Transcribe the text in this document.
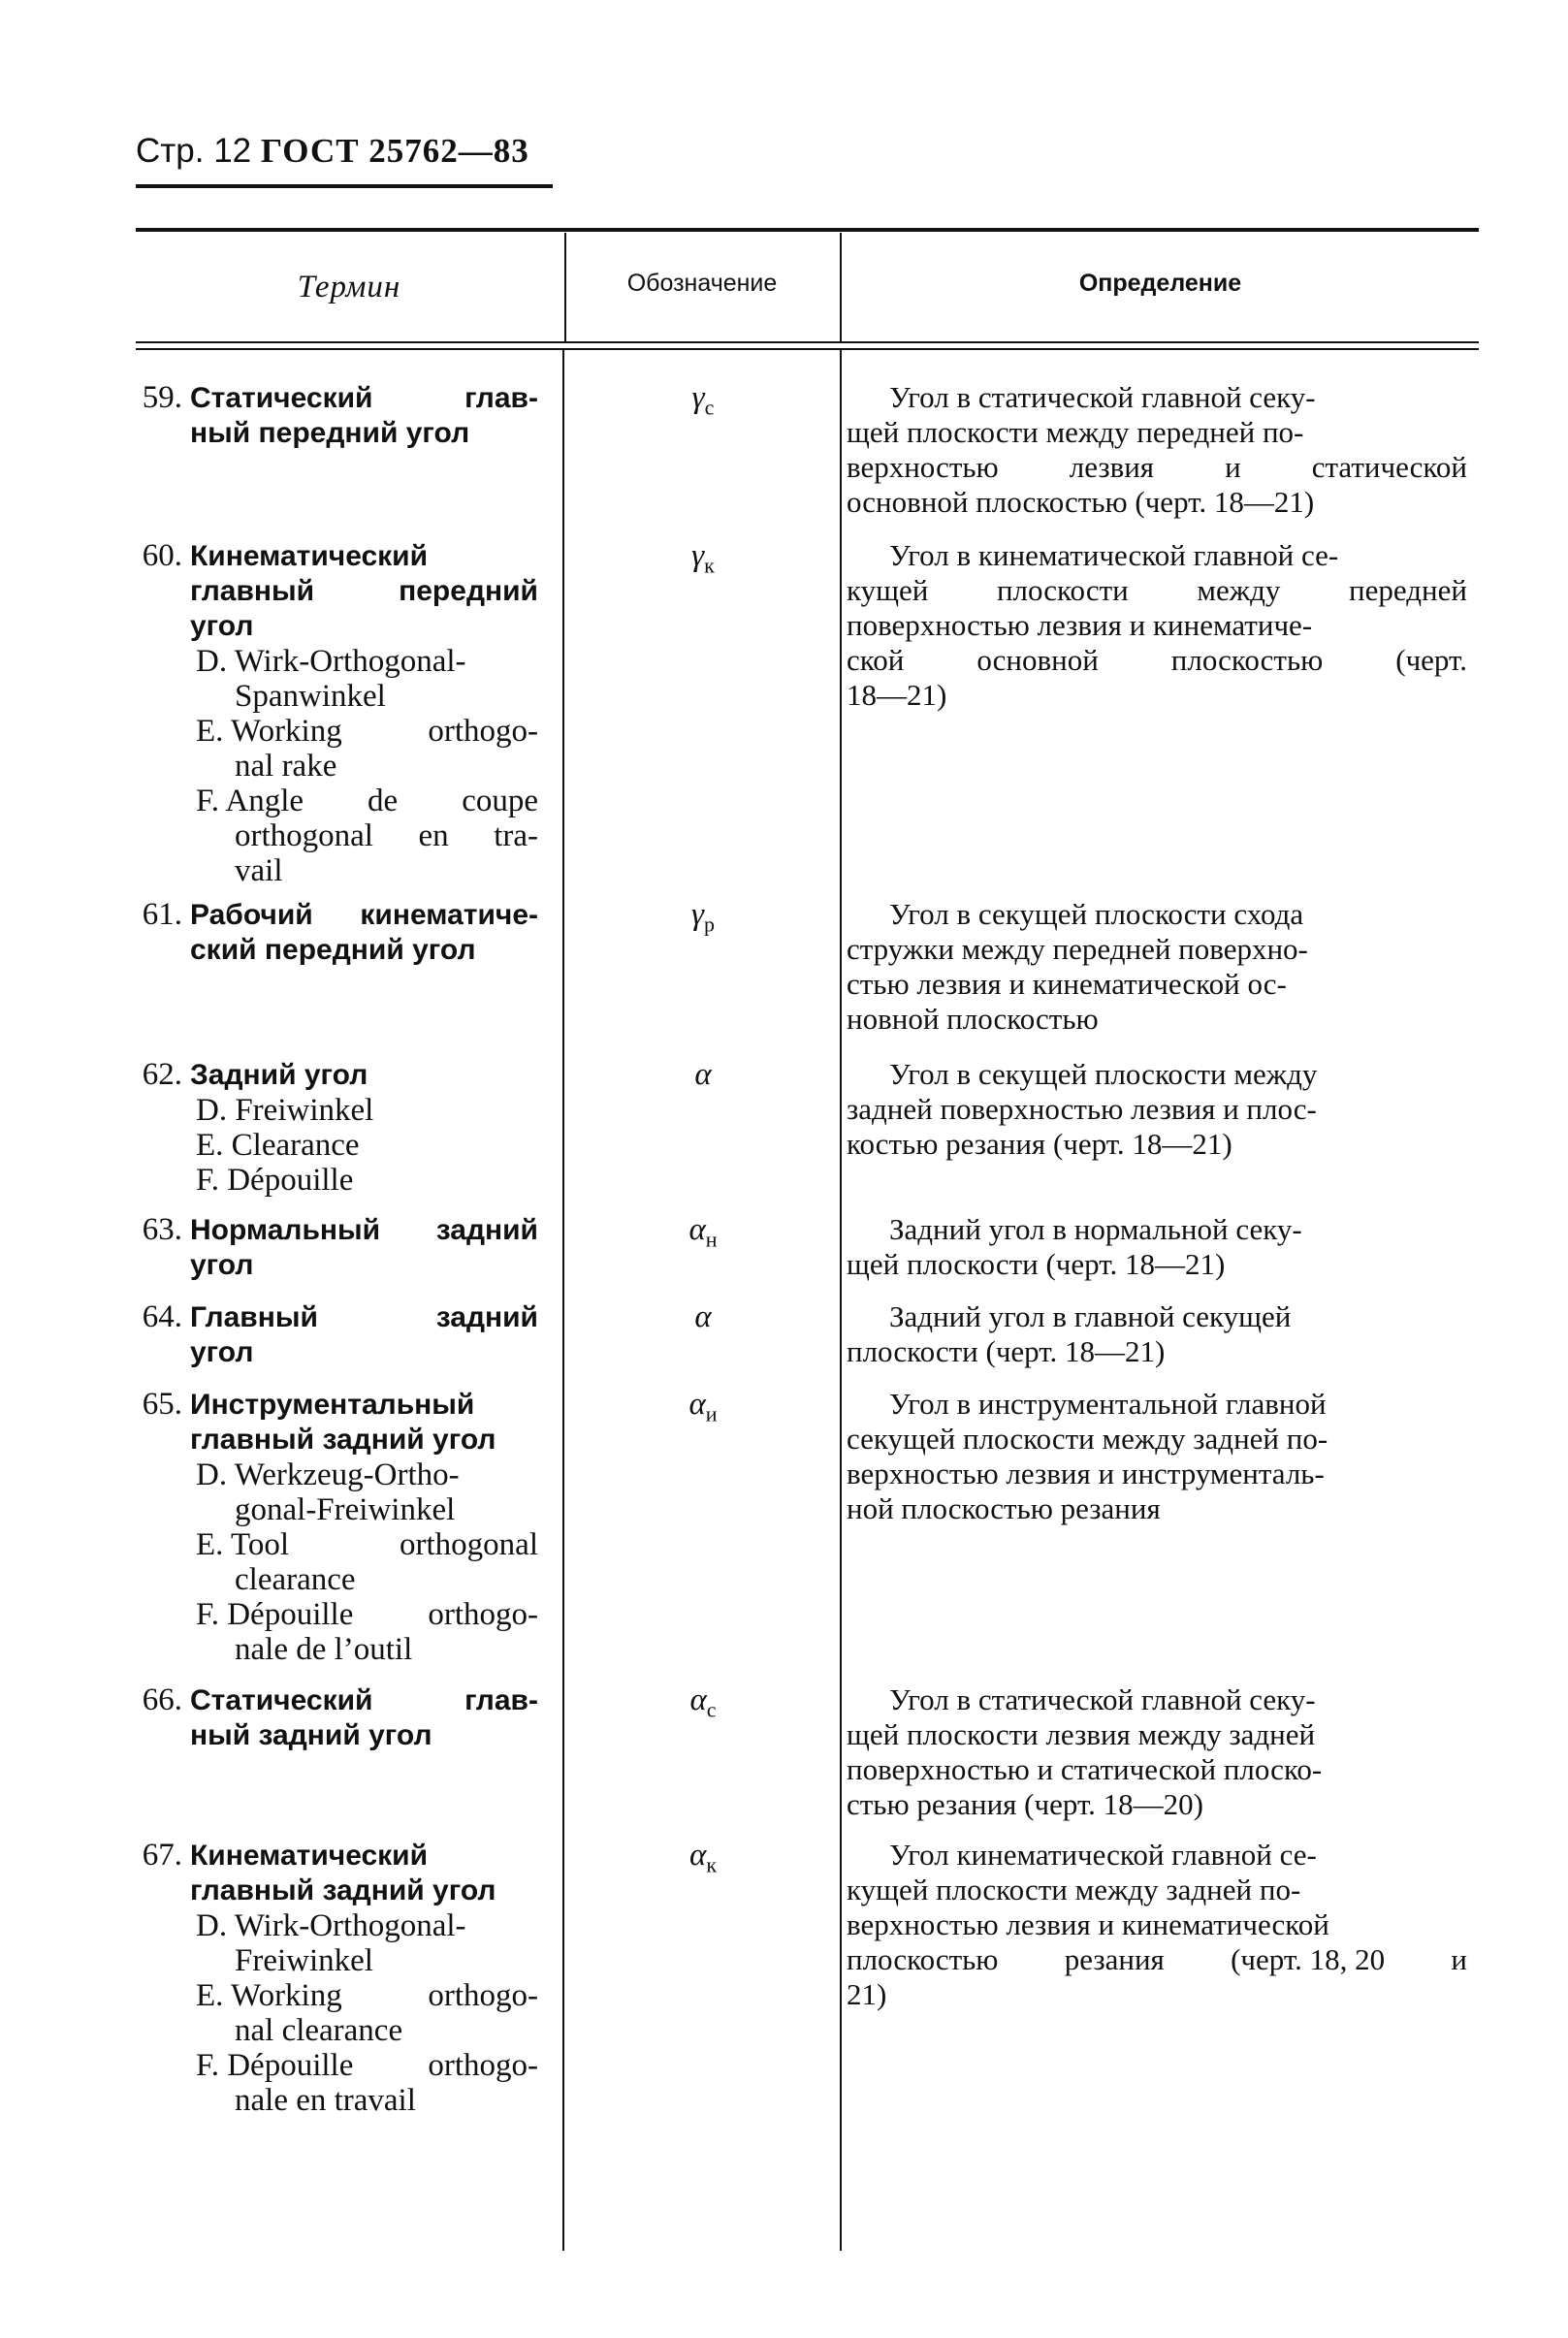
Стр. 12 ГОСТ 25762—83
Термин	Обозначение	Определение
59. Статический	глав-
ный передний угол
$\gamma_c$	Угол в статической главной секу-
щей плоскости между передней по-
верхностью лезвия и статической
основной плоскостью (черт. 18—21)
60. Кинематический
главный	передний
угол
D. Wirk-Orthogonal-
Spanwinkel
E. Working	orthogo-
nal rake
F. Angle de coupe
orthogonal en tra-
vail
$\gamma_к$	Угол в кинематической главной се-
кущей плоскости между передней
поверхностью лезвия и кинематиче-
ской основной плоскостью (черт.
18—21)
61. Рабочий кинематиче-
ский передний угол
$\gamma_p$	Угол в секущей плоскости схода
стружки между передней поверхно-
стью лезвия и кинематической ос-
новной плоскостью
62. Задний угол
D. Freiwinkel
E. Clearance
F. Dépouille
α	Угол в секущей плоскости между
задней поверхностью лезвия и плос-
костью резания (черт. 18—21)
63. Нормальный задний
угол
$\alpha_н$	Задний угол в нормальной секу-
щей плоскости (черт. 18—21)
64. Главный	задний
угол
α	Задний угол в главной секущей
плоскости (черт. 18—21)
65. Инструментальный
главный задний угол
D. Werkzeug-Ortho-
gonal-Freiwinkel
E. Tool	orthogonal
clearance
F. Dépouille orthogo-
nale de l’outil
$\alpha_и$	Угол в инструментальной главной
секущей плоскости между задней по-
верхностью лезвия и инструменталь-
ной плоскостью резания
66. Статический	глав-
ный задний угол
$\alpha_c$	Угол в статической главной секу-
щей плоскости лезвия между задней
поверхностью и статической плоско-
стью резания (черт. 18—20)
67. Кинематический
главный задний угол
D. Wirk-Orthogonal-
Freiwinkel
E. Working	orthogo-
nal clearance
F. Dépouille orthogo-
nale en travail
$\alpha_к$	Угол кинематической главной се-
кущей плоскости между задней по-
верхностью лезвия и кинематической
плоскостью резания (черт. 18, 20 и
21)
